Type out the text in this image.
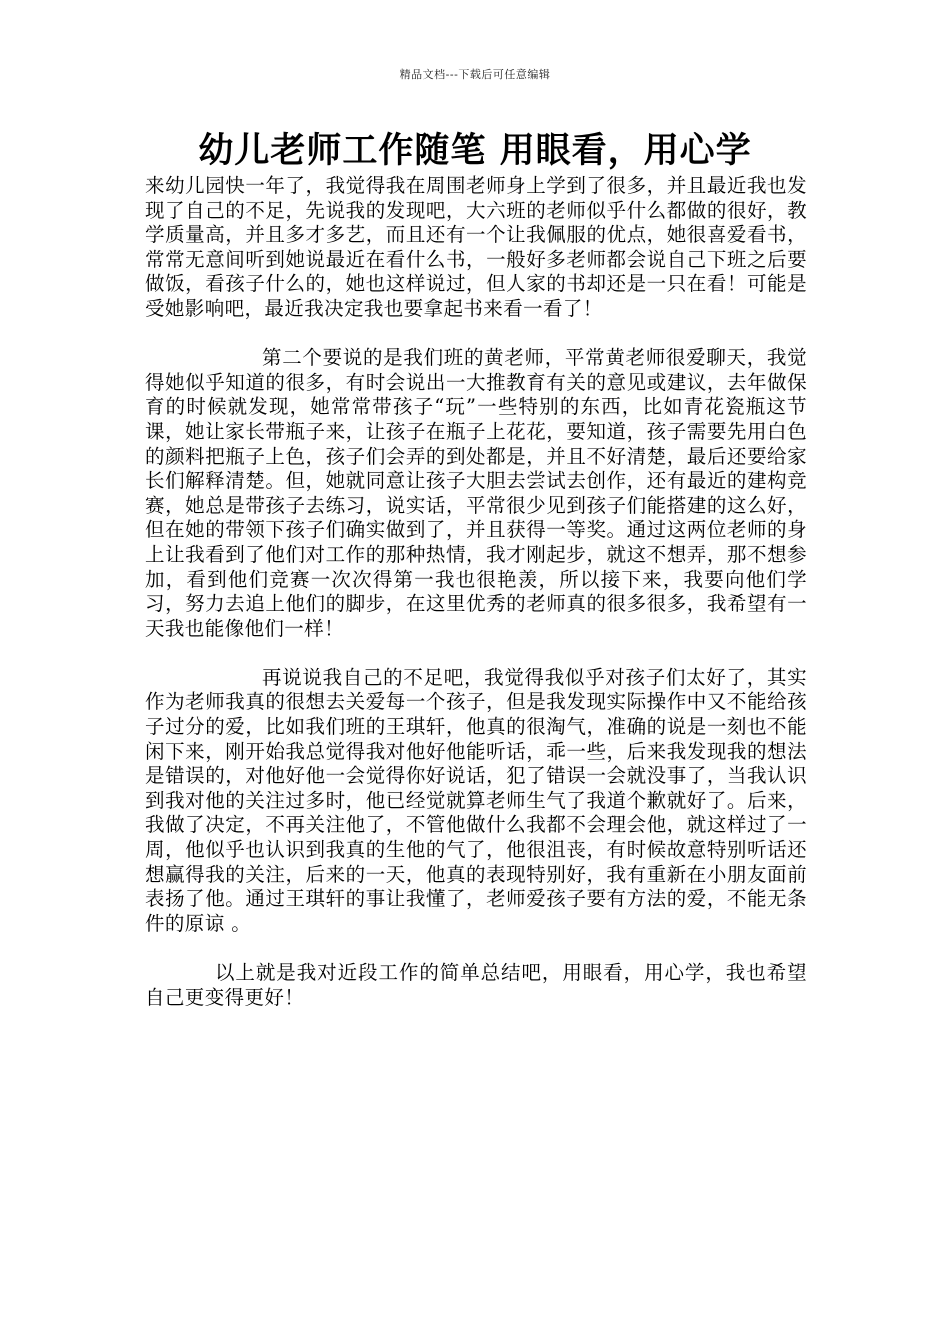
精品文档---下载后可任意编辑
幼儿老师工作随笔 用眼看，用心学

来幼儿园快一年了，我觉得我在周围老师身上学到了很多，并且最近我也发现了自己的不足，先说我的发现吧，大六班的老师似乎什么都做的很好，教学质量高，并且多才多艺，而且还有一个让我佩服的优点，她很喜爱看书，常常无意间听到她说最近在看什么书，一般好多老师都会说自己下班之后要做饭，看孩子什么的，她也这样说过，但人家的书却还是一只在看！可能是受她影响吧，最近我决定我也要拿起书来看一看了！

第二个要说的是我们班的黄老师，平常黄老师很爱聊天，我觉得她似乎知道的很多，有时会说出一大推教育有关的意见或建议，去年做保育的时候就发现，她常常带孩子“玩”一些特别的东西，比如青花瓷瓶这节课，她让家长带瓶子来，让孩子在瓶子上花花，要知道，孩子需要先用白色的颜料把瓶子上色，孩子们会弄的到处都是，并且不好清楚，最后还要给家长们解释清楚。但，她就同意让孩子大胆去尝试去创作，还有最近的建构竞赛，她总是带孩子去练习，说实话，平常很少见到孩子们能搭建的这么好，但在她的带领下孩子们确实做到了，并且获得一等奖。通过这两位老师的身上让我看到了他们对工作的那种热情，我才刚起步，就这不想弄，那不想参加，看到他们竞赛一次次得第一我也很艳羡，所以接下来，我要向他们学习，努力去追上他们的脚步，在这里优秀的老师真的很多很多，我希望有一天我也能像他们一样！

再说说我自己的不足吧，我觉得我似乎对孩子们太好了，其实作为老师我真的很想去关爱每一个孩子，但是我发现实际操作中又不能给孩子过分的爱，比如我们班的王琪轩，他真的很淘气，准确的说是一刻也不能闲下来，刚开始我总觉得我对他好他能听话，乖一些，后来我发现我的想法是错误的，对他好他一会觉得你好说话，犯了错误一会就没事了，当我认识到我对他的关注过多时，他已经觉就算老师生气了我道个歉就好了。后来，我做了决定，不再关注他了，不管他做什么我都不会理会他，就这样过了一周，他似乎也认识到我真的生他的气了，他很沮丧，有时候故意特别听话还想赢得我的关注，后来的一天，他真的表现特别好，我有重新在小朋友面前表扬了他。通过王琪轩的事让我懂了，老师爱孩子要有方法的爱，不能无条件的原谅 。

以上就是我对近段工作的简单总结吧，用眼看，用心学，我也希望自己更变得更好！
